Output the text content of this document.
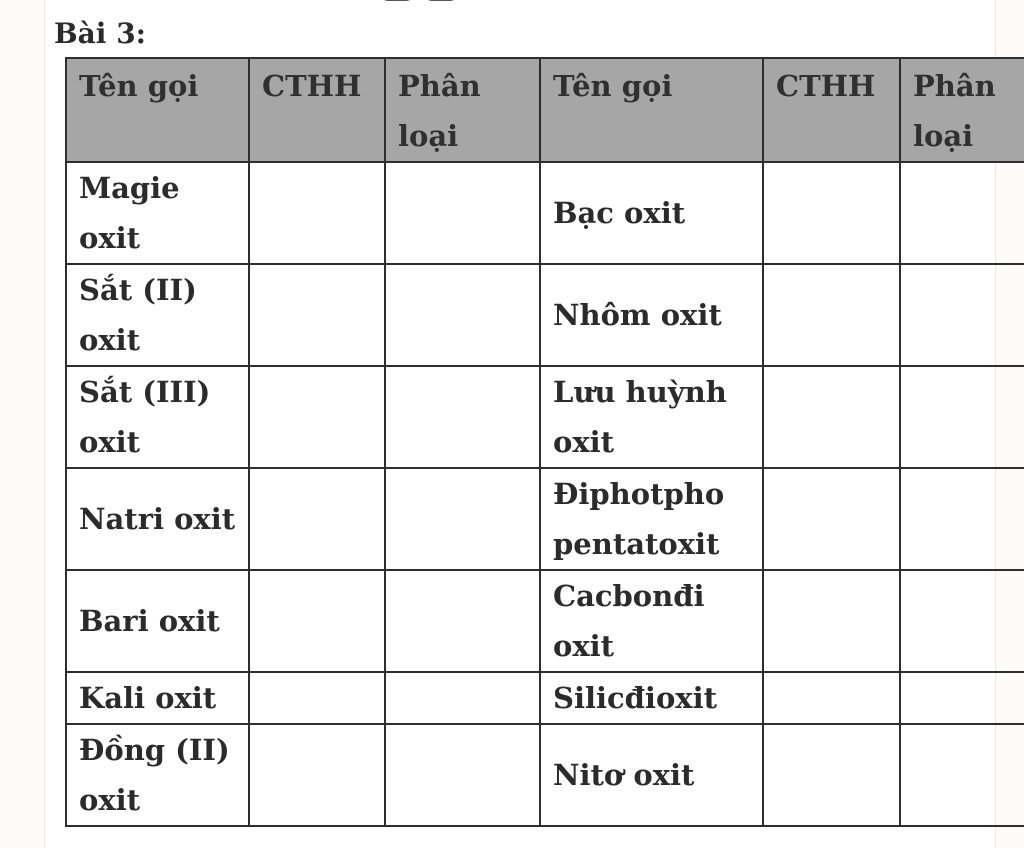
Bài 3:
Tên gọi	CTHH	Phân loại	Tên gọi	CTHH	Phân loại
Magie oxit			Bạc oxit		
Sắt (II) oxit			Nhôm oxit		
Sắt (III) oxit			Lưu huỳnh oxit		
Natri oxit			Điphotpho pentatoxit		
Bari oxit			Cacbonđi oxit		
Kali oxit			Silicđioxit		
Đồng (II) oxit			Nitơ oxit		
